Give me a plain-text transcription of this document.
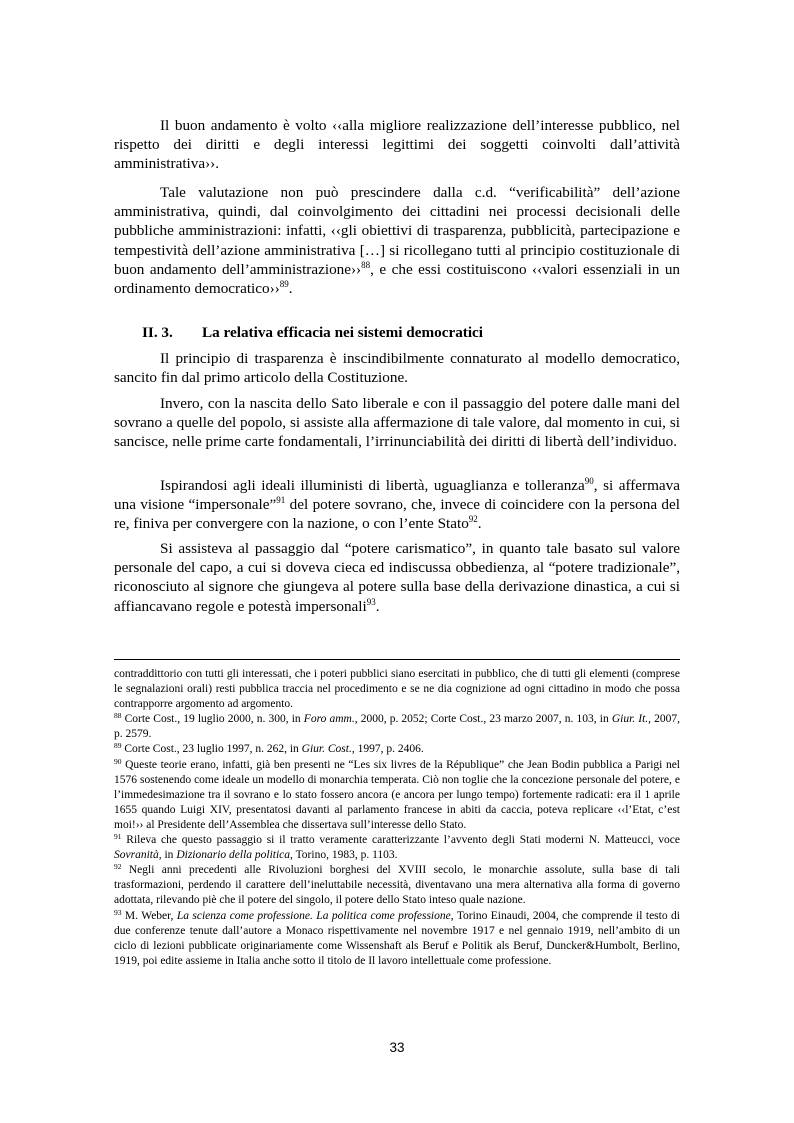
Il buon andamento è volto ‹‹alla migliore realizzazione dell’interesse pubblico, nel rispetto dei diritti e degli interessi legittimi dei soggetti coinvolti dall’attività amministrativa››.

Tale valutazione non può prescindere dalla c.d. “verificabilità” dell’azione amministrativa, quindi, dal coinvolgimento dei cittadini nei processi decisionali delle pubbliche amministrazioni: infatti, ‹‹gli obiettivi di trasparenza, pubblicità, partecipazione e tempestività dell’azione amministrativa […] si ricollegano tutti al principio costituzionale di buon andamento dell’amministrazione››$^{88}$, e che essi costituiscono ‹‹valori essenziali in un ordinamento democratico››$^{89}$.

II. 3. La relativa efficacia nei sistemi democratici

Il principio di trasparenza è inscindibilmente connaturato al modello democratico, sancito fin dal primo articolo della Costituzione.

Invero, con la nascita dello Sato liberale e con il passaggio del potere dalle mani del sovrano a quelle del popolo, si assiste alla affermazione di tale valore, dal momento in cui, si sancisce, nelle prime carte fondamentali, l’irrinunciabilità dei diritti di libertà dell’individuo.

Ispirandosi agli ideali illuministi di libertà, uguaglianza e tolleranza$^{90}$, si affermava una visione “impersonale”$^{91}$ del potere sovrano, che, invece di coincidere con la persona del re, finiva per convergere con la nazione, o con l’ente Stato$^{92}$.

Si assisteva al passaggio dal “potere carismatico”, in quanto tale basato sul valore personale del capo, a cui si doveva cieca ed indiscussa obbedienza, al “potere tradizionale”, riconosciuto al signore che giungeva al potere sulla base della derivazione dinastica, a cui si affiancavano regole e potestà impersonali$^{93}$.

contraddittorio con tutti gli interessati, che i poteri pubblici siano esercitati in pubblico, che di tutti gli elementi (comprese le segnalazioni orali) resti pubblica traccia nel procedimento e se ne dia cognizione ad ogni cittadino in modo che possa contrapporre argomento ad argomento.

$^{88}$ Corte Cost., 19 luglio 2000, n. 300, in Foro amm., 2000, p. 2052; Corte Cost., 23 marzo 2007, n. 103, in Giur. It., 2007, p. 2579.

$^{89}$ Corte Cost., 23 luglio 1997, n. 262, in Giur. Cost., 1997, p. 2406.

$^{90}$ Queste teorie erano, infatti, già ben presenti ne “Les six livres de la République” che Jean Bodin pubblica a Parigi nel 1576 sostenendo come ideale un modello di monarchia temperata. Ciò non toglie che la concezione personale del potere, e l’immedesimazione tra il sovrano e lo stato fossero ancora (e ancora per lungo tempo) fortemente radicati: era il 1 aprile 1655 quando Luigi XIV, presentatosi davanti al parlamento francese in abiti da caccia, poteva replicare ‹‹l’Etat, c’est moi!›› al Presidente dell’Assemblea che dissertava sull’interesse dello Stato.

$^{91}$ Rileva che questo passaggio si il tratto veramente caratterizzante l’avvento degli Stati moderni N. Matteucci, voce Sovranità, in Dizionario della politica, Torino, 1983, p. 1103.

$^{92}$ Negli anni precedenti alle Rivoluzioni borghesi del XVIII secolo, le monarchie assolute, sulla base di tali trasformazioni, perdendo il carattere dell’ineluttabile necessità, diventavano una mera alternativa alla forma di governo adottata, rilevando piè che il potere del singolo, il potere dello Stato inteso quale nazione.

$^{93}$ M. Weber, La scienza come professione. La politica come professione, Torino Einaudi, 2004, che comprende il testo di due conferenze tenute dall’autore a Monaco rispettivamente nel novembre 1917 e nel gennaio 1919, nell’ambito di un ciclo di lezioni pubblicate originariamente come Wissenshaft als Beruf e Politik als Beruf, Duncker&Humbolt, Berlino, 1919, poi edite assieme in Italia anche sotto il titolo de Il lavoro intellettuale come professione.

33
